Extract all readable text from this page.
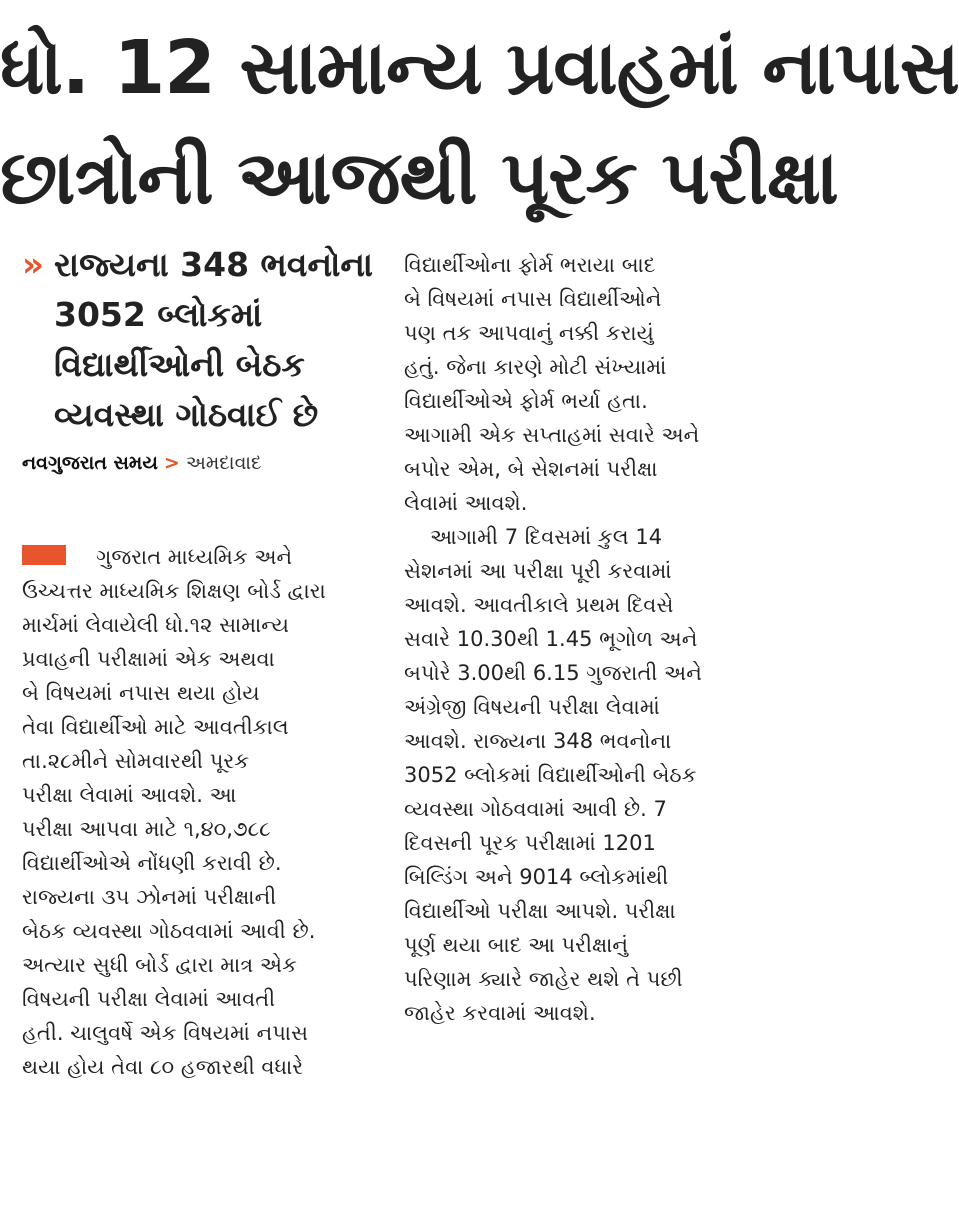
ધો. 12 સામાન્ય પ્રવાહમાં નાપાસ
છાત્રોની આજથી પૂરક પરીક્ષા
» રાજ્યના 348 ભવનોના
3052 બ્લોકમાં
વિદ્યાર્થીઓની બેઠક
વ્યવસ્થા ગોઠવાઈ છે
નવગુજરાત સમય > અમદાવાદ
ગુજરાત માધ્યમિક અને
ઉચ્ચત્તર માધ્યમિક શિક્ષણ બોર્ડ દ્વારા
માર્ચમાં લેવાયેલી ધો.૧૨ સામાન્ય
પ્રવાહની પરીક્ષામાં એક અથવા
બે વિષયમાં નપાસ થયા હોય
તેવા વિદ્યાર્થીઓ માટે આવતીકાલ
તા.૨૮મીને સોમવારથી પૂરક
પરીક્ષા લેવામાં આવશે. આ
પરીક્ષા આપવા માટે ૧,૪૦,૭૮૮
વિદ્યાર્થીઓએ નોંધણી કરાવી છે.
રાજ્યના ૩૫ ઝોનમાં પરીક્ષાની
બેઠક વ્યવસ્થા ગોઠવવામાં આવી છે.
અત્યાર સુધી બોર્ડ દ્વારા માત્ર એક
વિષયની પરીક્ષા લેવામાં આવતી
હતી. ચાલુવર્ષે એક વિષયમાં નપાસ
થયા હોય તેવા ૮૦ હજારથી વધારે
વિદ્યાર્થીઓના ફોર્મ ભરાયા બાદ
બે વિષયમાં નપાસ વિદ્યાર્થીઓને
પણ તક આપવાનું નક્કી કરાયું
હતું. જેના કારણે મોટી સંખ્યામાં
વિદ્યાર્થીઓએ ફોર્મ ભર્યા હતા.
આગામી એક સપ્તાહમાં સવારે અને
બપોર એમ, બે સેશનમાં પરીક્ષા
લેવામાં આવશે.
આગામી 7 દિવસમાં કુલ 14
સેશનમાં આ પરીક્ષા પૂરી કરવામાં
આવશે. આવતીકાલે પ્રથમ દિવસે
સવારે 10.30થી 1.45 ભૂગોળ અને
બપોરે 3.00થી 6.15 ગુજરાતી અને
અંગ્રેજી વિષયની પરીક્ષા લેવામાં
આવશે. રાજ્યના 348 ભવનોના
3052 બ્લોકમાં વિદ્યાર્થીઓની બેઠક
વ્યવસ્થા ગોઠવવામાં આવી છે. 7
દિવસની પૂરક પરીક્ષામાં 1201
બિલ્ડિંગ અને 9014 બ્લોકમાંથી
વિદ્યાર્થીઓ પરીક્ષા આપશે. પરીક્ષા
પૂર્ણ થયા બાદ આ પરીક્ષાનું
પરિણામ ક્યારે જાહેર થશે તે પછી
જાહેર કરવામાં આવશે.
